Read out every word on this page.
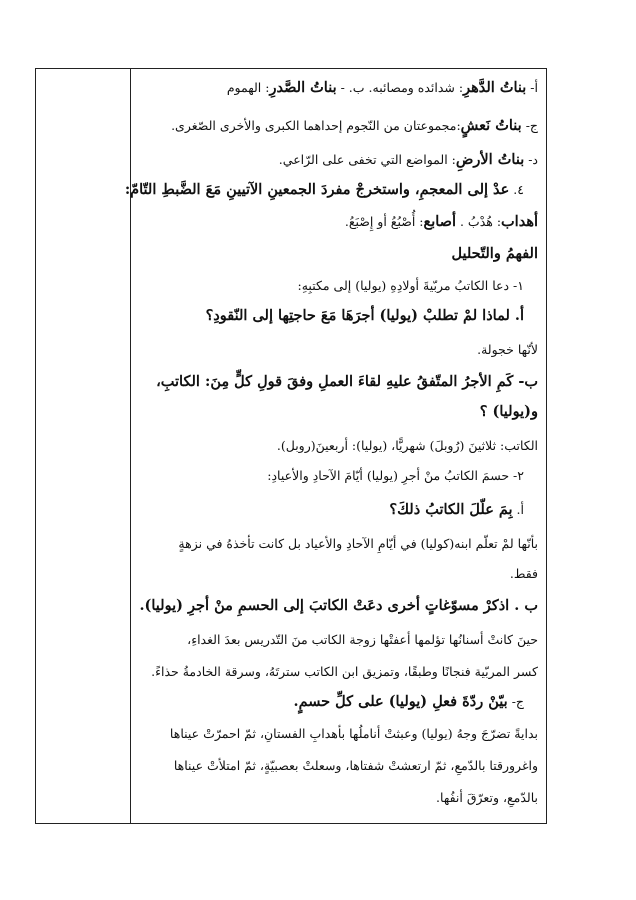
أ- بناتُ الدَّهرِ: شدائده ومصائبه. ب. - بناتُ الصَّدرِ: الهموم
ج- بناتُ نَعشٍ:مجموعتان من النّجوم إحداهما الكبرى والأخرى الصّغرى.
د- بناتُ الأرضِ: المواضع التي تخفى على الرّاعي.
٤. عدْ إلى المعجمِ، واستخرجْ مفردَ الجمعينِ الآتيينِ مَعَ الضَّبطِ التّامّ:
أهداب: هُدْبُ . أصابع: أُصْبُعُ أو إِصْبَعُ.
الفهمُ والتّحليل
١- دعا الكاتبُ مربّيةَ أولادِهِ (يوليا) إلى مكتبِهِ:
أ. لماذا لمْ تطلبْ (يوليا) أجرَهَا مَعَ حاجتِها إلى النّقودِ؟
لأنّها خجولة.
ب- كَمِ الأجرُ المتّفقُ عليهِ لقاءَ العملِ وفقَ قولِ كلٍّ مِنَ: الكاتبِ،
و(يوليا) ؟
الكاتب: ثلاثينَ (رُوبلَ) شهريًّا، (يوليا): أربعينَ(روبل).
٢- حسمَ الكاتبُ منْ أجرِ (يوليا) أيّامَ الآحادِ والأعيادِ:
أ. بِمَ علّلَ الكاتبُ ذلكَ؟
بأنّها لمْ تعلّم ابنه(كوليا) في أيّامِ الآحادِ والأعياد بل كانت تأخذهُ في نزهةٍ
فقط.
ب . اذكرْ مسوّغاتٍ أخرى دعَتْ الكاتبَ إلى الحسمِ منْ أجرِ (يوليا).
حينَ كانتْ أسنانُها تؤلمها أعفتْها زوجة الكاتب منَ التّدريس بعدَ الغداءِ،
كسر المربّية فنجانًا وطبقًا، وتمزيق ابن الكاتب سترتَهُ، وسرقة الخادمةُ حذاءً.
ج- بيّنْ ردّةَ فعلِ (يوليا) على كلِّ حسمٍ.
بدايةً تضرّجَ وجهُ (يوليا) وعبثتْ أناملُها بأهدابِ الفستانِ، ثمّ احمرّتْ عيناها
واغرورقتا بالدّمعِ، ثمّ ارتعشتْ شفتاها، وسعلتْ بعصبيّةٍ، ثمّ امتلأتْ عيناها
بالدّمعِ، وتعرّقَ أنفُها.
